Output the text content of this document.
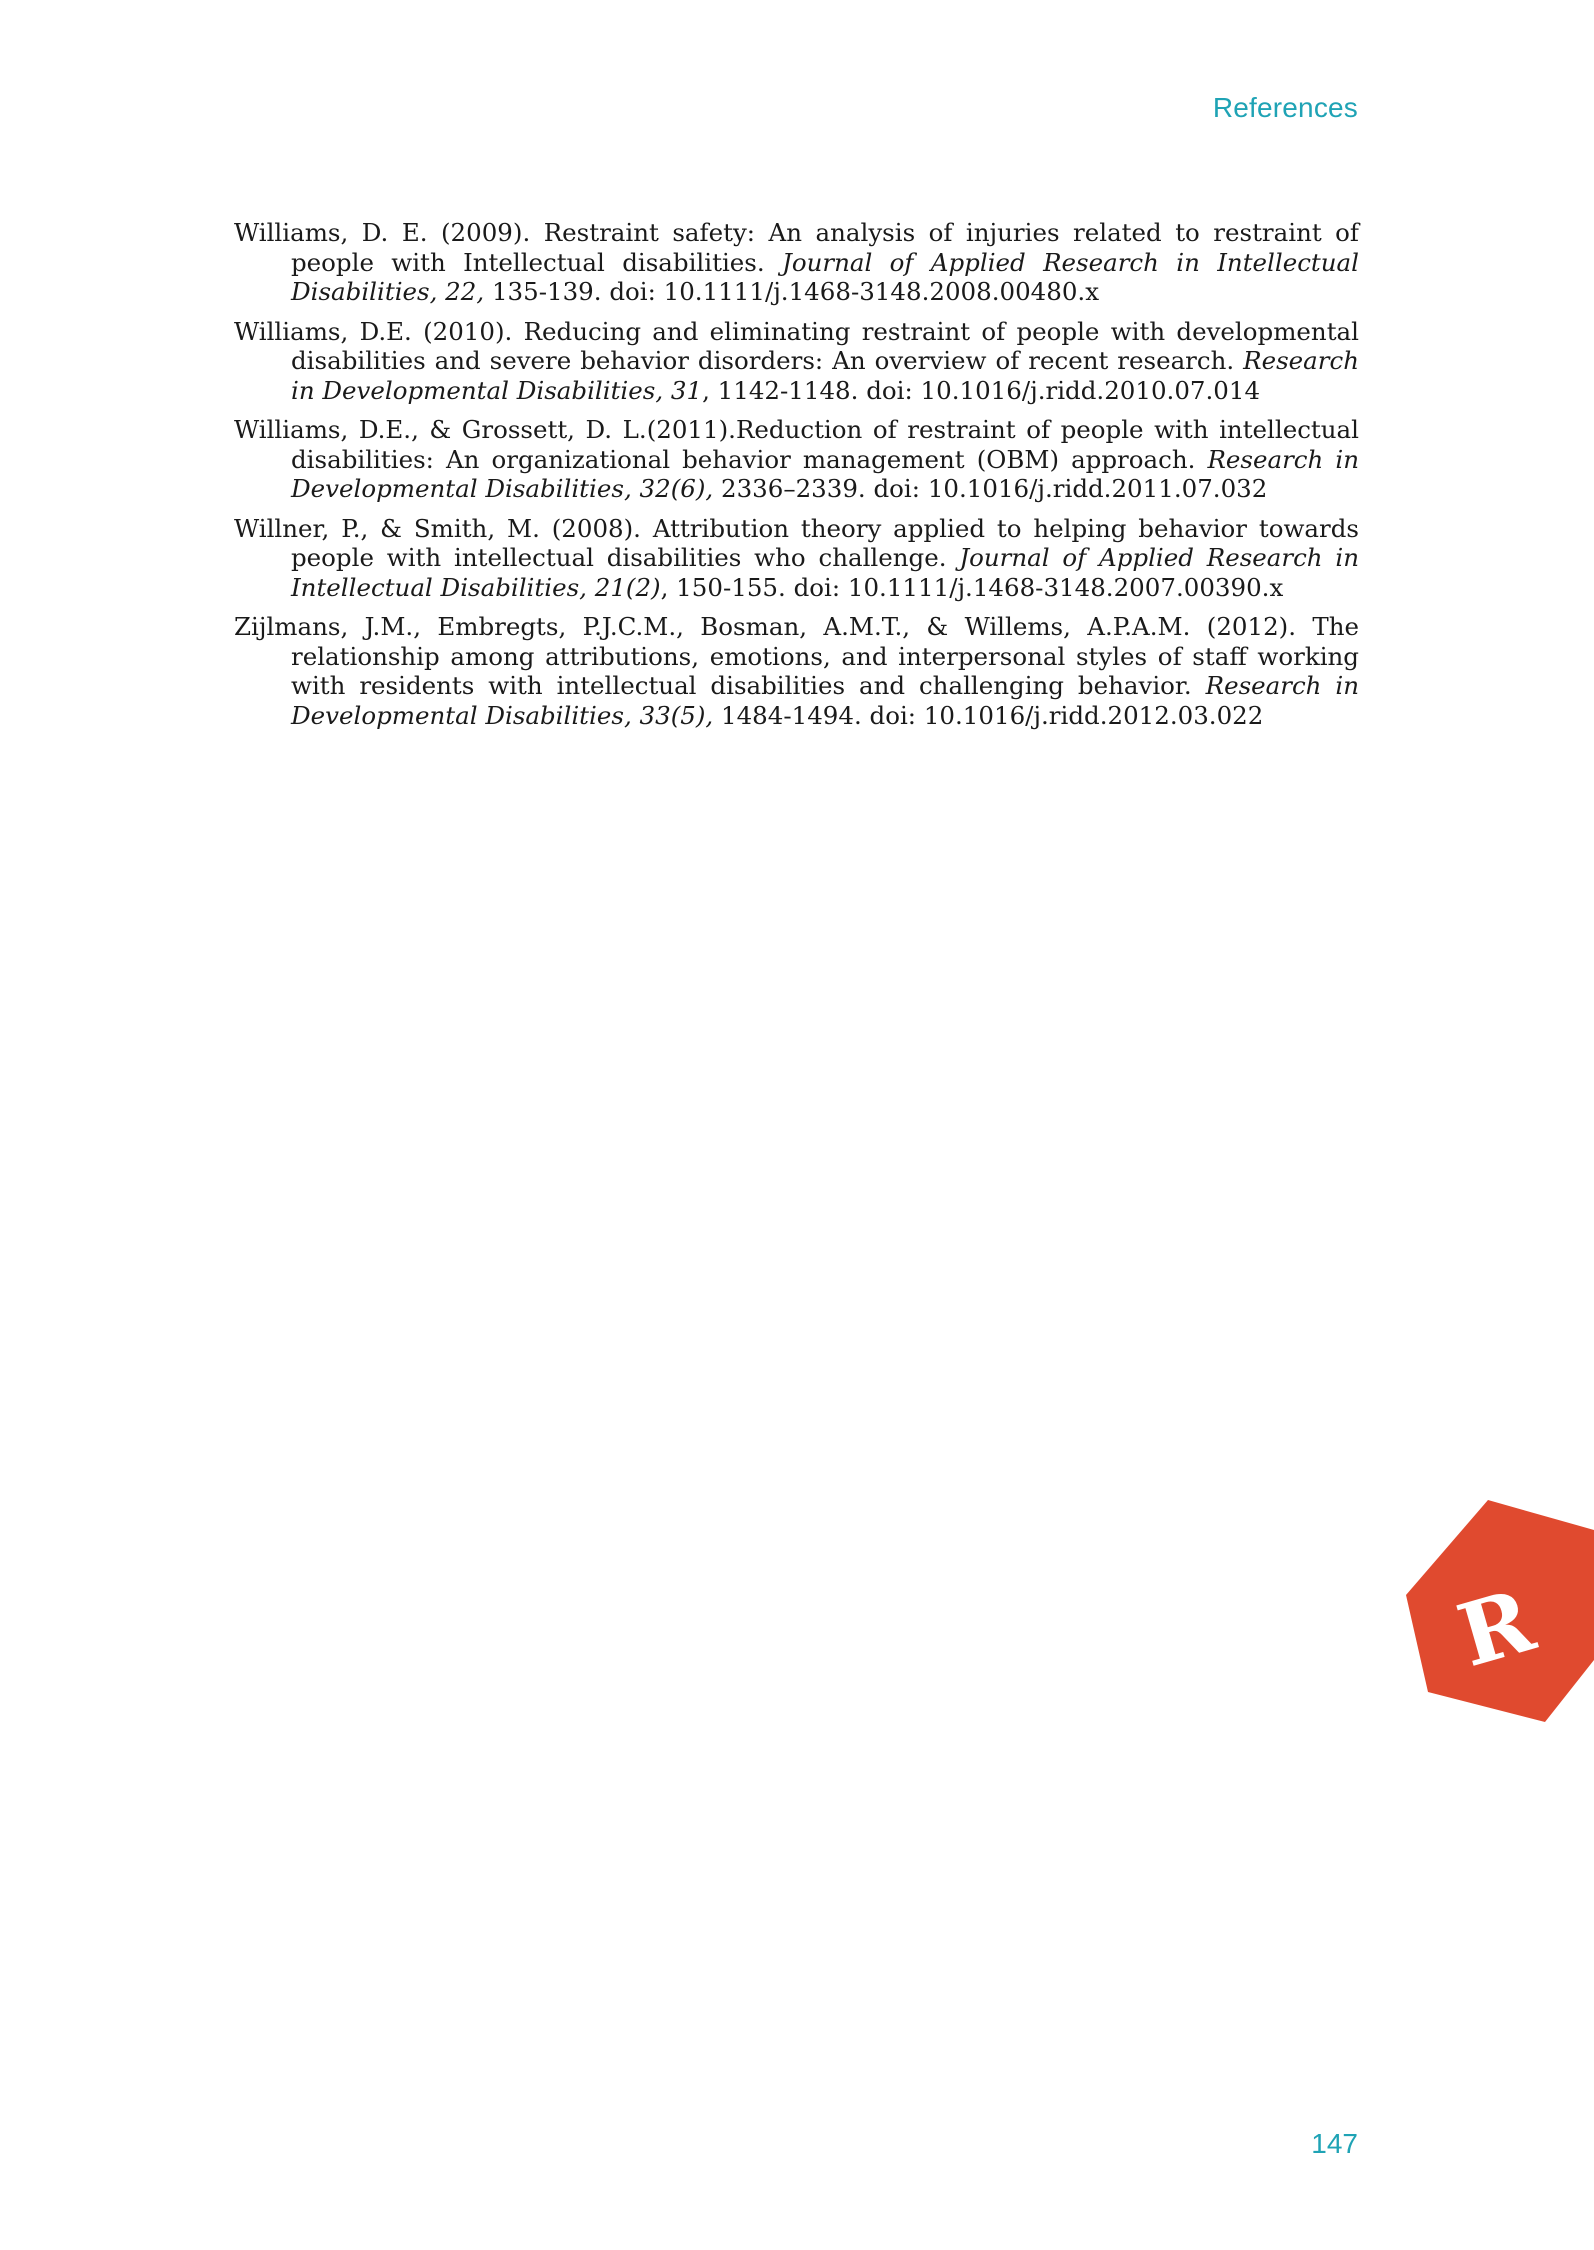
References
Williams, D. E. (2009). Restraint safety: An analysis of injuries related to restraint of people with Intellectual disabilities. Journal of Applied Research in Intellectual Disabilities, 22, 135-139. doi: 10.1111/j.1468-3148.2008.00480.x
Williams, D.E. (2010). Reducing and eliminating restraint of people with developmental disabilities and severe behavior disorders: An overview of recent research. Research in Developmental Disabilities, 31, 1142-1148. doi: 10.1016/j.ridd.2010.07.014
Williams, D.E., & Grossett, D. L.(2011).Reduction of restraint of people with intellectual disabilities: An organizational behavior management (OBM) approach. Research in Developmental Disabilities, 32(6), 2336–2339. doi: 10.1016/j.ridd.2011.07.032
Willner, P., & Smith, M. (2008). Attribution theory applied to helping behavior towards people with intellectual disabilities who challenge. Journal of Applied Research in Intellectual Disabilities, 21(2), 150-155. doi: 10.1111/j.1468-3148.2007.00390.x
Zijlmans, J.M., Embregts, P.J.C.M., Bosman, A.M.T., & Willems, A.P.A.M. (2012). The relationship among attributions, emotions, and interpersonal styles of staff working with residents with intellectual disabilities and challenging behavior. Research in Developmental Disabilities, 33(5), 1484-1494. doi: 10.1016/j.ridd.2012.03.022
R
147
